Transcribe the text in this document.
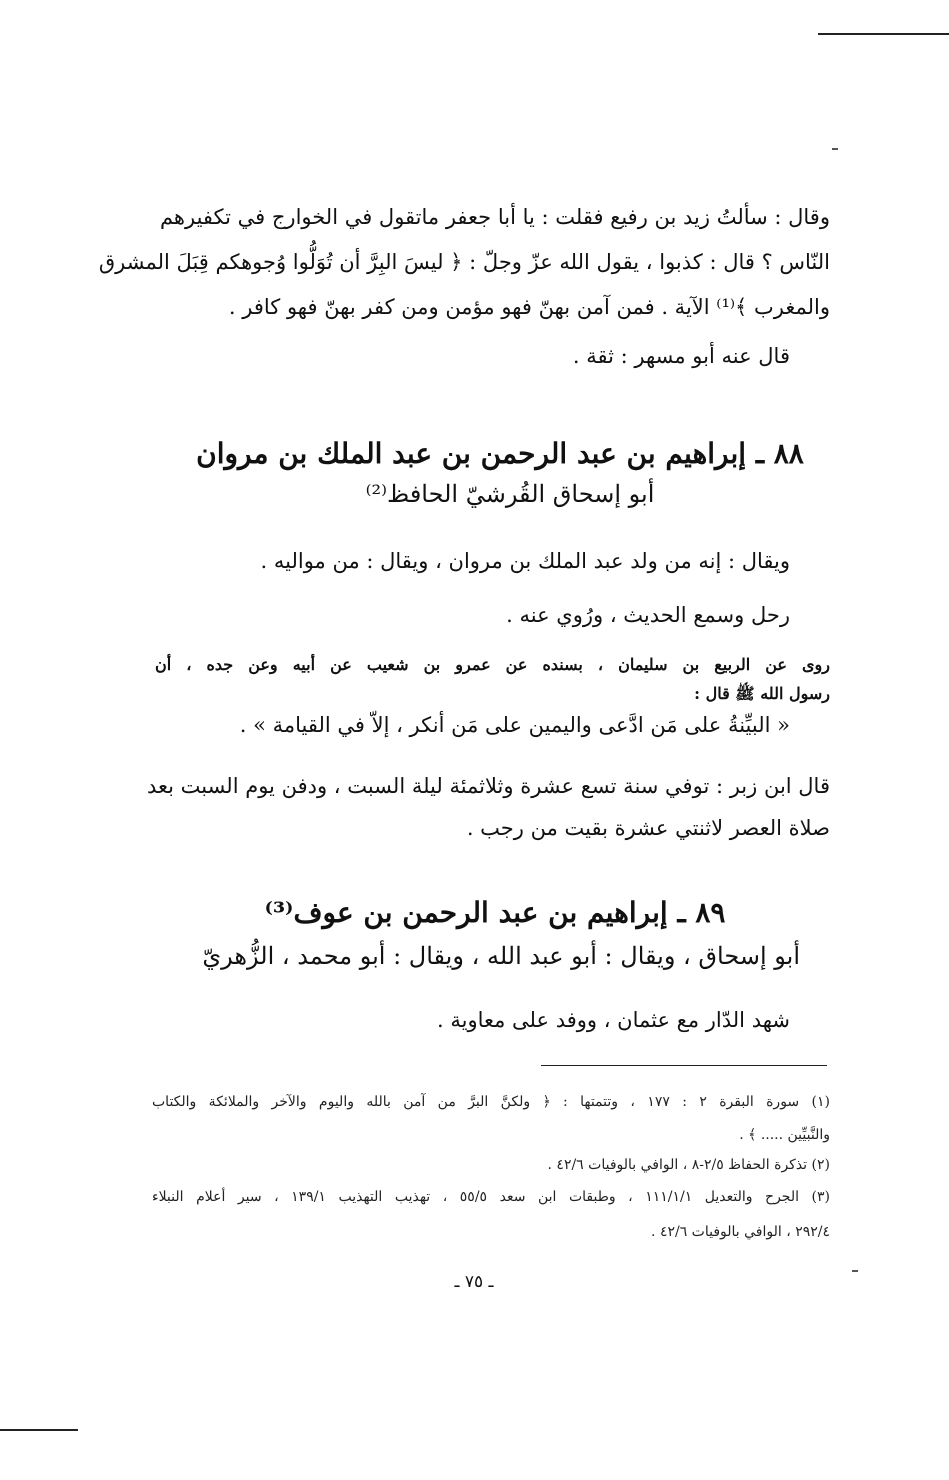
وقال : سألتُ زيد بن رفيع فقلت : يا أبا جعفر ماتقول في الخوارج في تكفيرهم
النّاس ؟ قال : كذبوا ، يقول الله عزّ وجلّ : ﴿ ليسَ البِرَّ أن تُوَلُّوا وُجوهكم قِبَلَ المشرق
والمغرب ﴾⁽¹⁾ الآية . فمن آمن بهنّ فهو مؤمن ومن كفر بهنّ فهو كافر .
قال عنه أبو مسهر : ثقة .
٨٨ ـ إبراهيم بن عبد الرحمن بن عبد الملك بن مروان
أبو إسحاق القُرشيّ الحافظ⁽²⁾
ويقال : إنه من ولد عبد الملك بن مروان ، ويقال : من مواليه .
رحل وسمع الحديث ، ورُوي عنه .
روى عن الربيع بن سليمان ، بسنده عن عمرو بن شعيب عن أبيه وعن جده ، أن
رسول الله ﷺ قال :
« البيِّنةُ على مَن ادَّعى واليمين على مَن أنكر ، إلاّ في القيامة » .
قال ابن زبر : توفي سنة تسع عشرة وثلاثمئة ليلة السبت ، ودفن يوم السبت بعد
صلاة العصر لاثنتي عشرة بقيت من رجب .
٨٩ ـ إبراهيم بن عبد الرحمن بن عوف⁽³⁾
أبو إسحاق ، ويقال : أبو عبد الله ، ويقال : أبو محمد ، الزُّهريّ
شهد الدّار مع عثمان ، ووفد على معاوية .
(١) سورة البقرة ٢ : ١٧٧ ، وتتمتها : ﴿ ولكنَّ البرَّ من آمن بالله واليوم والآخر والملائكة والكتاب
والنَّبيِّين ..... ﴾ .
(٢) تذكرة الحفاظ ٢/٥-٨ ، الوافي بالوفيات ٤٢/٦ .
(٣) الجرح والتعديل ١١١/١/١ ، وطبقات ابن سعد ٥٥/٥ ، تهذيب التهذيب ١٣٩/١ ، سير أعلام النبلاء
٢٩٢/٤ ، الوافي بالوفيات ٤٢/٦ .
ـ ٧٥ ـ
